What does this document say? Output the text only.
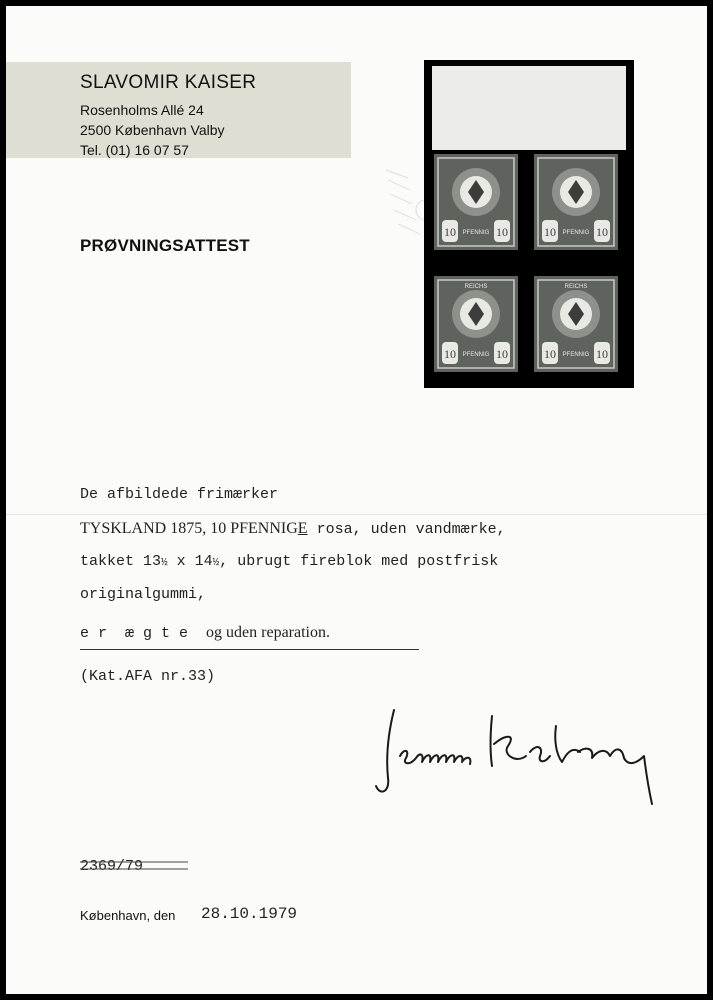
SLAVOMIR KAISER
Rosenholms Allé 24
2500 København Valby
Tel. (01) 16 07 57
PRØVNINGSATTEST
10	10
PFENNIG	10	10
PFENNIG
REICHS
10	10
PFENNIG
REICHS
10	10
PFENNIG
De afbildede frimærker
TYSKLAND 1875, 10 PFENNIGE rosa, uden vandmærke,
takket 13½ x 14½, ubrugt fireblok med postfrisk
originalgummi,
e r  æ g t e og uden reparation.
(Kat.AFA nr.33)
2369/79
København, den 28.10.1979
